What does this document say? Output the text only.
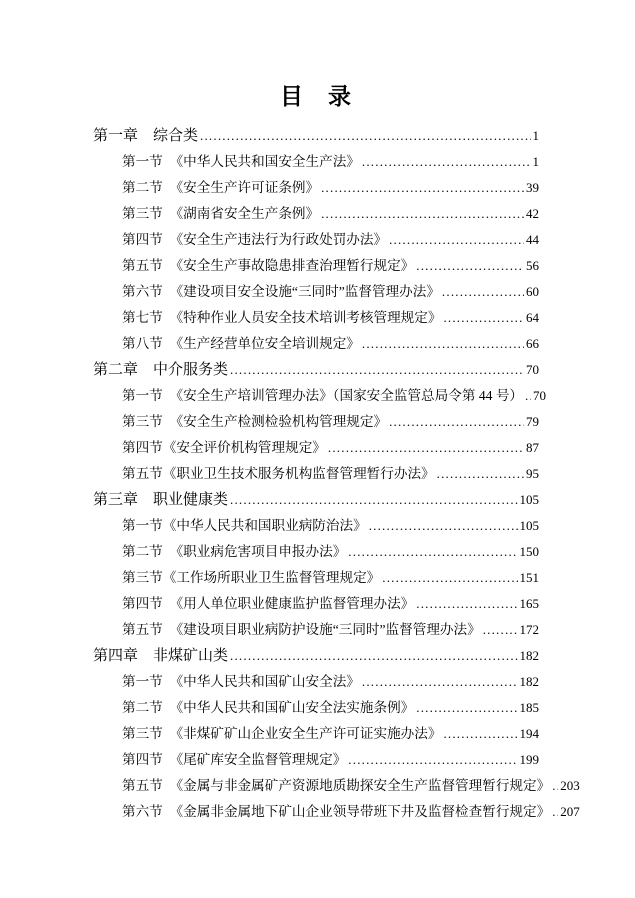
目　录
第一章　综合类 .....	1
第一节　《中华人民共和国安全生产法》 .....	1
第二节　《安全生产许可证条例》 .....	39
第三节　《湖南省安全生产条例》 .....	42
第四节　《安全生产违法行为行政处罚办法》 .....	44
第五节　《安全生产事故隐患排查治理暂行规定》 .....	56
第六节　《建设项目安全设施“三同时”监督管理办法》 .....	60
第七节　《特种作业人员安全技术培训考核管理规定》 .....	64
第八节　《生产经营单位安全培训规定》 .....	66
第二章　中介服务类 .....	70
第一节　《安全生产培训管理办法》（国家安全监管总局令第 44 号） ..... 70
第三节　《安全生产检测检验机构管理规定》 .....	79
第四节《安全评价机构管理规定》 .....	87
第五节《职业卫生技术服务机构监督管理暂行办法》 .....	95
第三章　职业健康类 .....	105
第一节《中华人民共和国职业病防治法》 .....	105
第二节　《职业病危害项目申报办法》 .....	150
第三节《工作场所职业卫生监督管理规定》 .....	151
第四节　《用人单位职业健康监护监督管理办法》 .....	165
第五节　《建设项目职业病防护设施“三同时”监督管理办法》 .....	172
第四章　非煤矿山类 .....	182
第一节　《中华人民共和国矿山安全法》 .....	182
第二节　《中华人民共和国矿山安全法实施条例》 .....	185
第三节　《非煤矿矿山企业安全生产许可证实施办法》 .....	194
第四节　《尾矿库安全监督管理规定》 .....	199
第五节　《金属与非金属矿产资源地质勘探安全生产监督管理暂行规定》 ..... 203
第六节　《金属非金属地下矿山企业领导带班下井及监督检查暂行规定》 ..... 207
